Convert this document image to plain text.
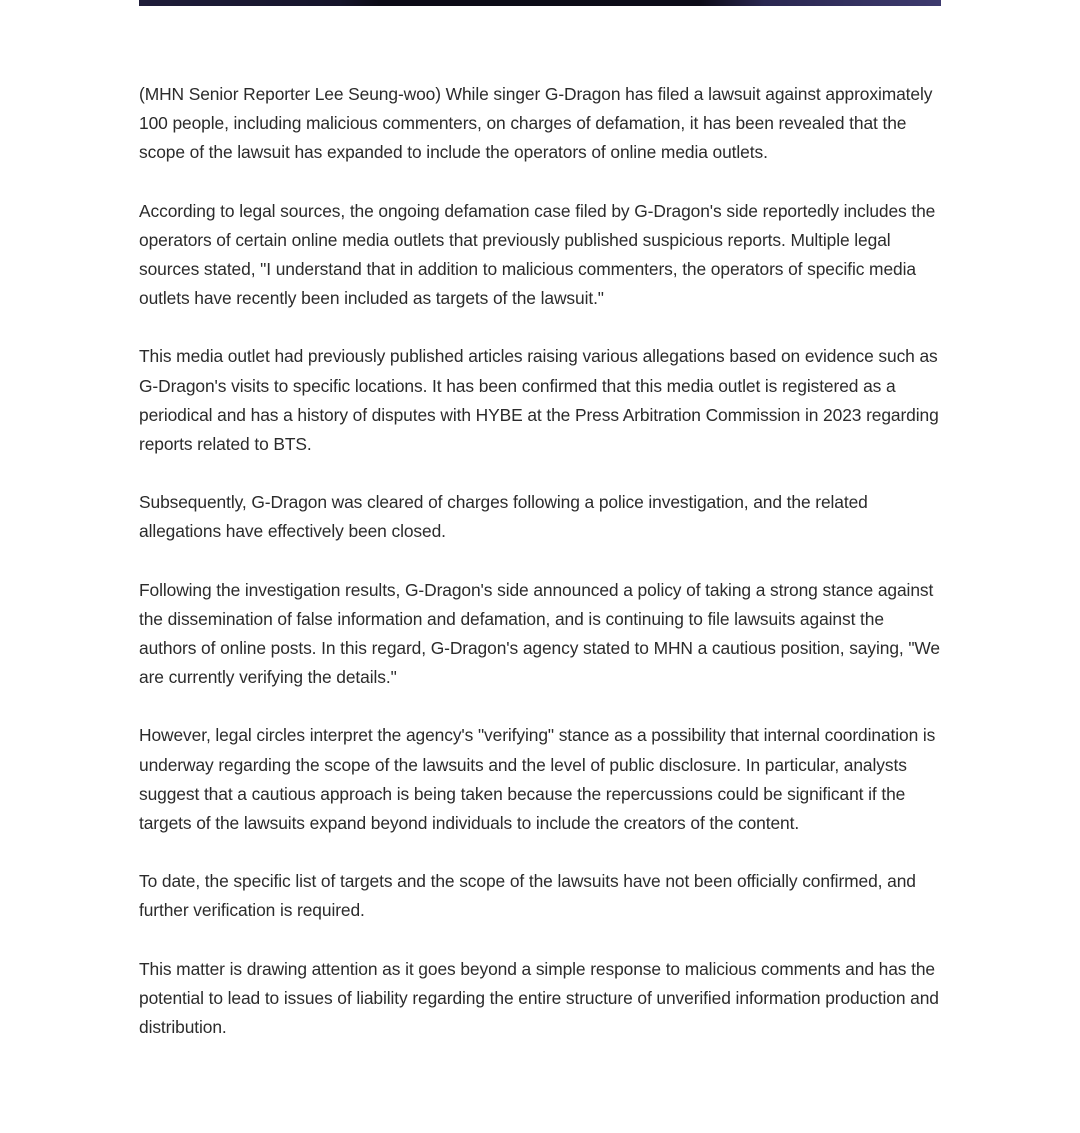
(MHN Senior Reporter Lee Seung-woo) While singer G-Dragon has filed a lawsuit against approximately 100 people, including malicious commenters, on charges of defamation, it has been revealed that the scope of the lawsuit has expanded to include the operators of online media outlets.

According to legal sources, the ongoing defamation case filed by G-Dragon's side reportedly includes the operators of certain online media outlets that previously published suspicious reports. Multiple legal sources stated, "I understand that in addition to malicious commenters, the operators of specific media outlets have recently been included as targets of the lawsuit."

This media outlet had previously published articles raising various allegations based on evidence such as G-Dragon's visits to specific locations. It has been confirmed that this media outlet is registered as a periodical and has a history of disputes with HYBE at the Press Arbitration Commission in 2023 regarding reports related to BTS.

Subsequently, G-Dragon was cleared of charges following a police investigation, and the related allegations have effectively been closed.

Following the investigation results, G-Dragon's side announced a policy of taking a strong stance against the dissemination of false information and defamation, and is continuing to file lawsuits against the authors of online posts. In this regard, G-Dragon's agency stated to MHN a cautious position, saying, "We are currently verifying the details."

However, legal circles interpret the agency's "verifying" stance as a possibility that internal coordination is underway regarding the scope of the lawsuits and the level of public disclosure. In particular, analysts suggest that a cautious approach is being taken because the repercussions could be significant if the targets of the lawsuits expand beyond individuals to include the creators of the content.

To date, the specific list of targets and the scope of the lawsuits have not been officially confirmed, and further verification is required.

This matter is drawing attention as it goes beyond a simple response to malicious comments and has the potential to lead to issues of liability regarding the entire structure of unverified information production and distribution.
